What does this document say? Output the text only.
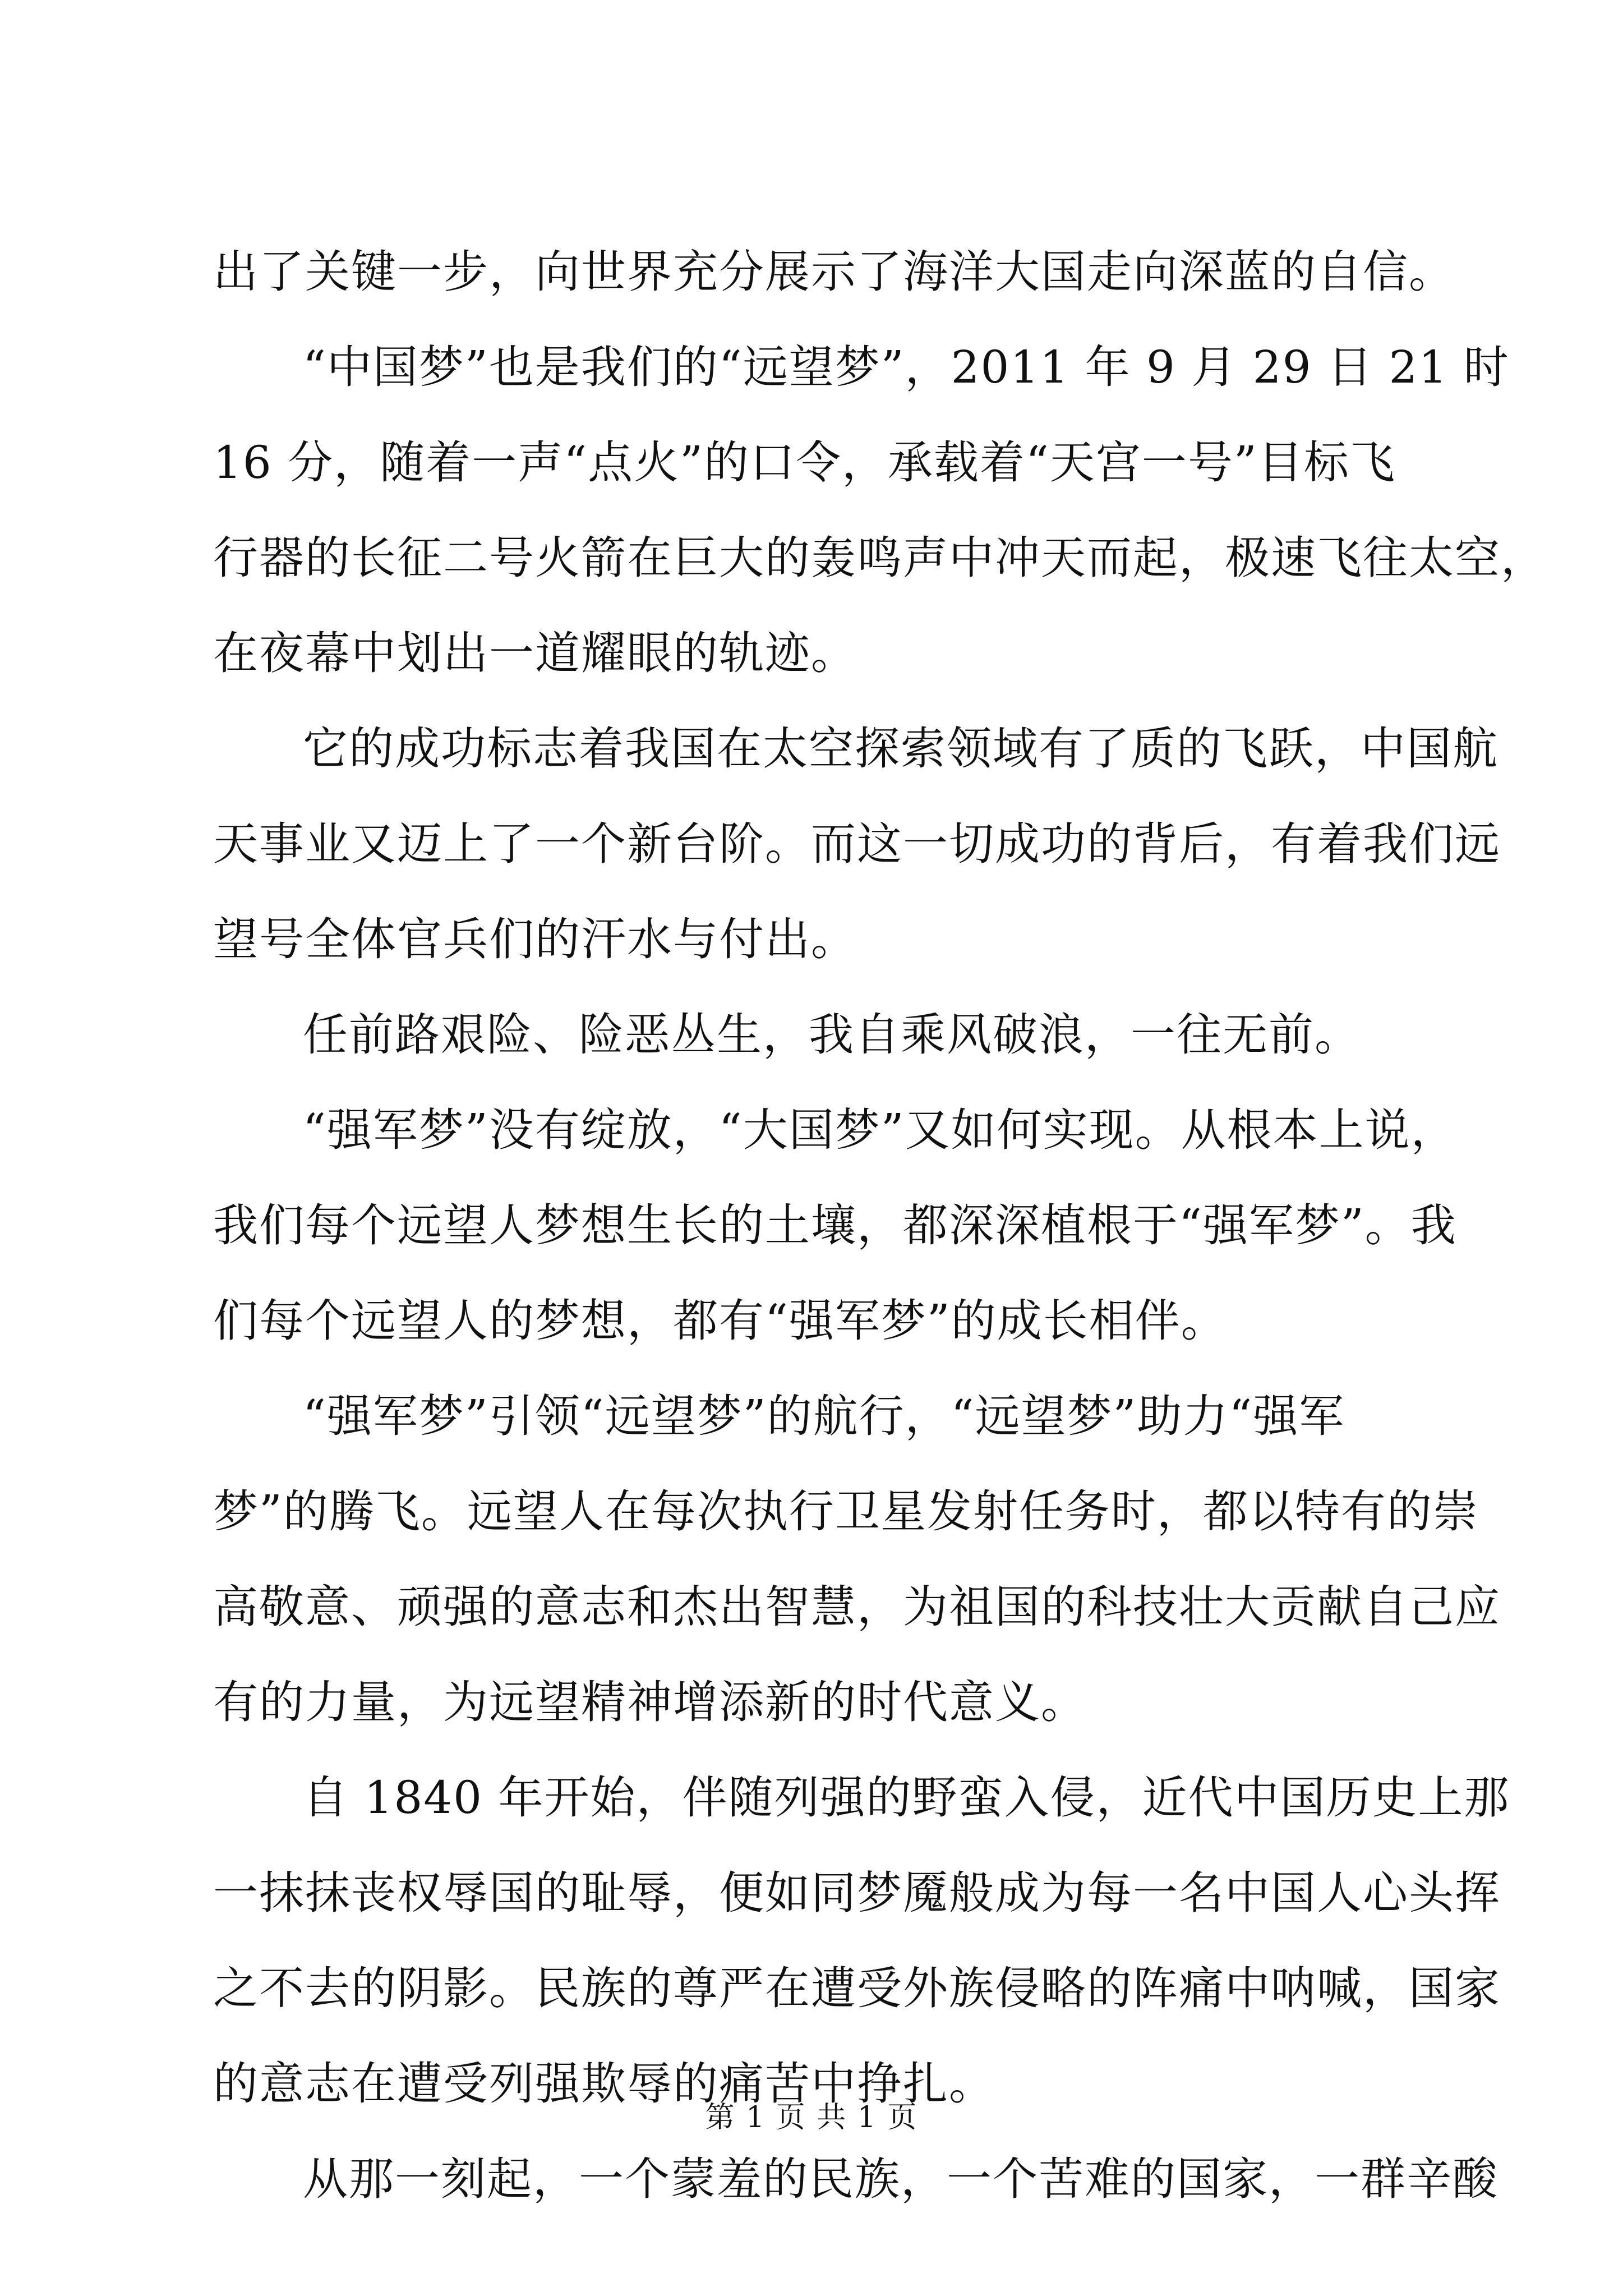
出了关键一步，向世界充分展示了海洋大国走向深蓝的自信。
“中国梦”也是我们的“远望梦”，2011 年 9 月 29 日 21 时
16 分，随着一声“点火”的口令，承载着“天宫一号”目标飞
行器的长征二号火箭在巨大的轰鸣声中冲天而起，极速飞往太空，
在夜幕中划出一道耀眼的轨迹。
它的成功标志着我国在太空探索领域有了质的飞跃，中国航
天事业又迈上了一个新台阶。而这一切成功的背后，有着我们远
望号全体官兵们的汗水与付出。
任前路艰险、险恶丛生，我自乘风破浪，一往无前。
“强军梦”没有绽放，“大国梦”又如何实现。从根本上说，
我们每个远望人梦想生长的土壤，都深深植根于“强军梦”。我
们每个远望人的梦想，都有“强军梦”的成长相伴。
“强军梦”引领“远望梦”的航行，“远望梦”助力“强军
梦”的腾飞。远望人在每次执行卫星发射任务时，都以特有的崇
高敬意、顽强的意志和杰出智慧，为祖国的科技壮大贡献自己应
有的力量，为远望精神增添新的时代意义。
自 1840 年开始，伴随列强的野蛮入侵，近代中国历史上那
一抹抹丧权辱国的耻辱，便如同梦魇般成为每一名中国人心头挥
之不去的阴影。民族的尊严在遭受外族侵略的阵痛中呐喊，国家
的意志在遭受列强欺辱的痛苦中挣扎。
从那一刻起，一个蒙羞的民族，一个苦难的国家，一群辛酸
第 1 页 共 1 页
